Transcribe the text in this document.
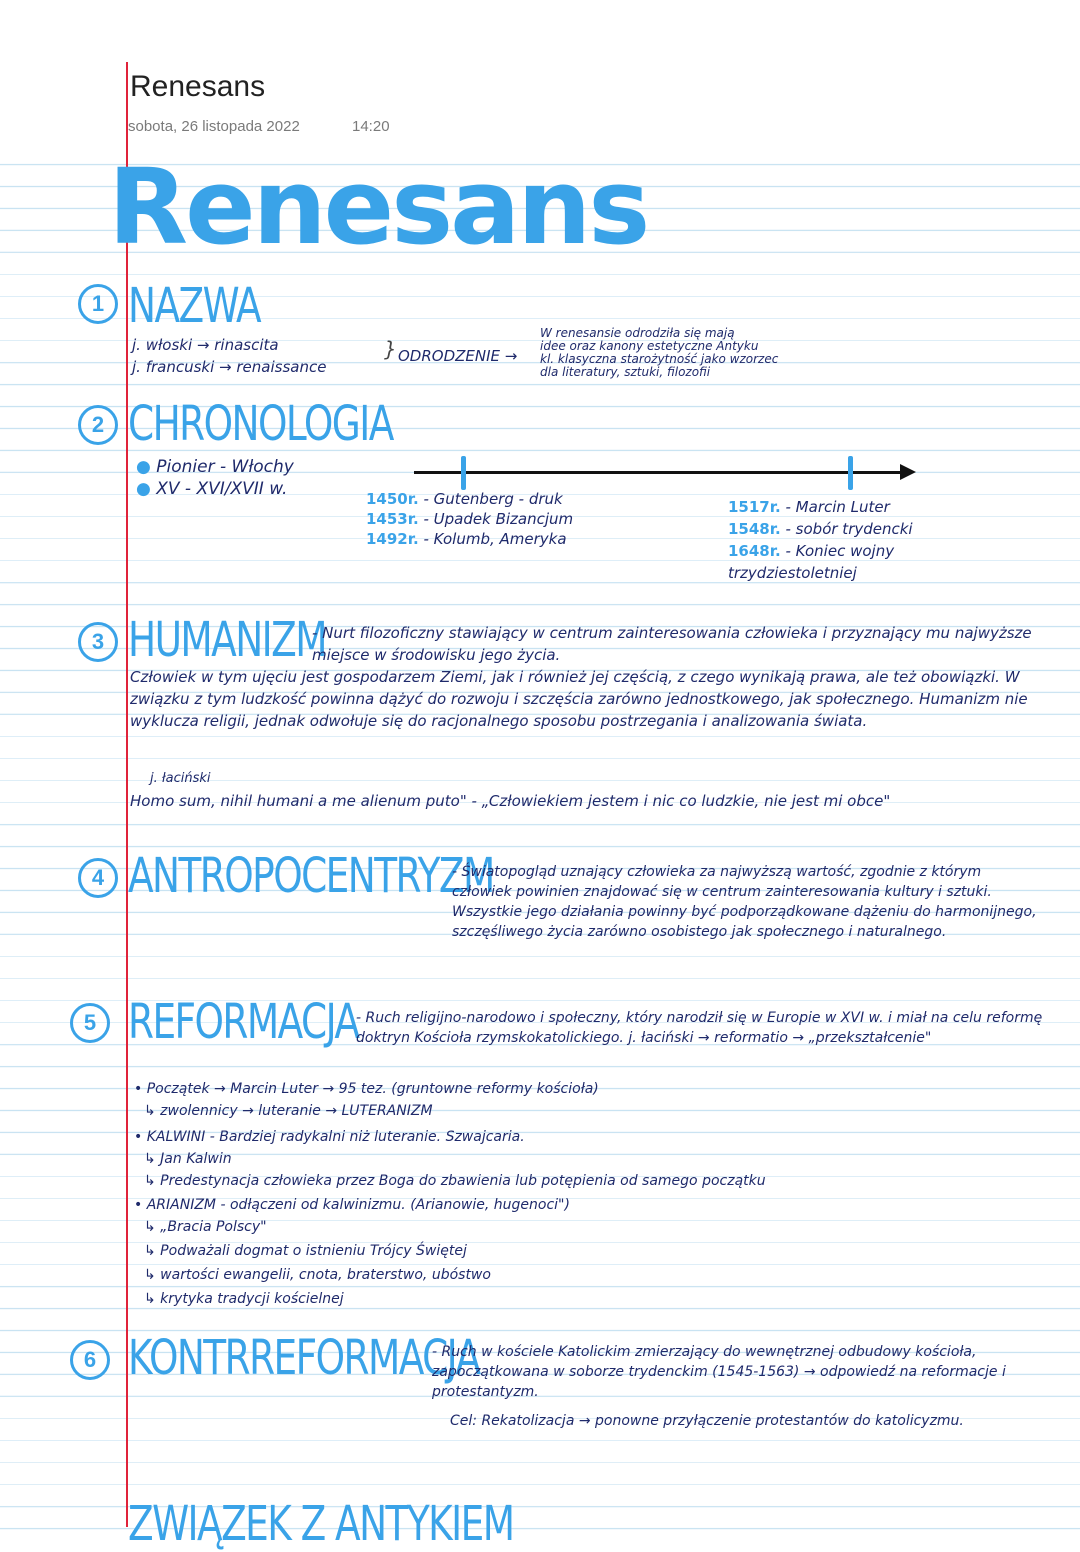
Renesans
sobota, 26 listopada 2022	14:20
Renesans
1 NAZWA
j. włoski → rinascita
j. francuski → renaissance
} ODRODZENIE →
W renesansie odrodziła się mają
idee oraz kanony estetyczne Antyku
kl. klasyczna starożytność jako wzorzec
dla literatury, sztuki, filozofii
2 CHRONOLOGIA
● Pionier - Włochy
● XV - XVI/XVII w.	1450r. - Gutenberg - druk
1453r. - Upadek Bizancjum
1492r. - Kolumb, Ameryka
1517r. - Marcin Luter
1548r. - sobór trydencki
1648r. - Koniec wojny trzydziestoletniej
3 HUMANIZM
- Nurt filozoficzny stawiający w centrum zainteresowania człowieka i przyznający mu najwyższe miejsce w środowisku jego życia.
Człowiek w tym ujęciu jest gospodarzem Ziemi, jak i również jej częścią, z czego wynikają prawa, ale też obowiązki. W związku z tym ludzkość powinna dążyć do rozwoju i szczęścia zarówno jednostkowego, jak społecznego. Humanizm nie wyklucza religii, jednak odwołuje się do racjonalnego sposobu postrzegania i analizowania świata.
j. łaciński
Homo sum, nihil humani a me alienum puto" - „Człowiekiem jestem i nic co ludzkie, nie jest mi obce"
4 ANTROPOCENTRYZM
- Światopogląd uznający człowieka za najwyższą wartość, zgodnie z którym człowiek powinien znajdować się w centrum zainteresowania kultury i sztuki. Wszystkie jego działania powinny być podporządkowane dążeniu do harmonijnego, szczęśliwego życia zarówno osobistego jak społecznego i naturalnego.
5 REFORMACJA
- Ruch religijno-narodowo i społeczny, który narodził się w Europie w XVI w. i miał na celu reformę doktryn Kościoła rzymskokatolickiego. j. łaciński → reformatio → „przekształcenie"
• Początek → Marcin Luter → 95 tez. (gruntowne reformy kościoła)
↳ zwolennicy → luteranie → LUTERANIZM
• KALWINI - Bardziej radykalni niż luteranie. Szwajcaria.
↳ Jan Kalwin
↳ Predestynacja człowieka przez Boga do zbawienia lub potępienia od samego początku
• ARIANIZM - odłączeni od kalwinizmu. (Arianowie, hugenoci")
↳ „Bracia Polscy"
↳ Podważali dogmat o istnieniu Trójcy Świętej
↳ wartości ewangelii, cnota, braterstwo, ubóstwo
↳ krytyka tradycji kościelnej
6 KONTRREFORMACJA
- Ruch w kościele Katolickim zmierzający do wewnętrznej odbudowy kościoła, zapoczątkowana w soborze trydenckim (1545-1563) → odpowiedź na reformacje i protestantyzm.
Cel: Rekatolizacja → ponowne przyłączenie protestantów do katolicyzmu.
ZWIĄZEK Z ANTYKIEM
